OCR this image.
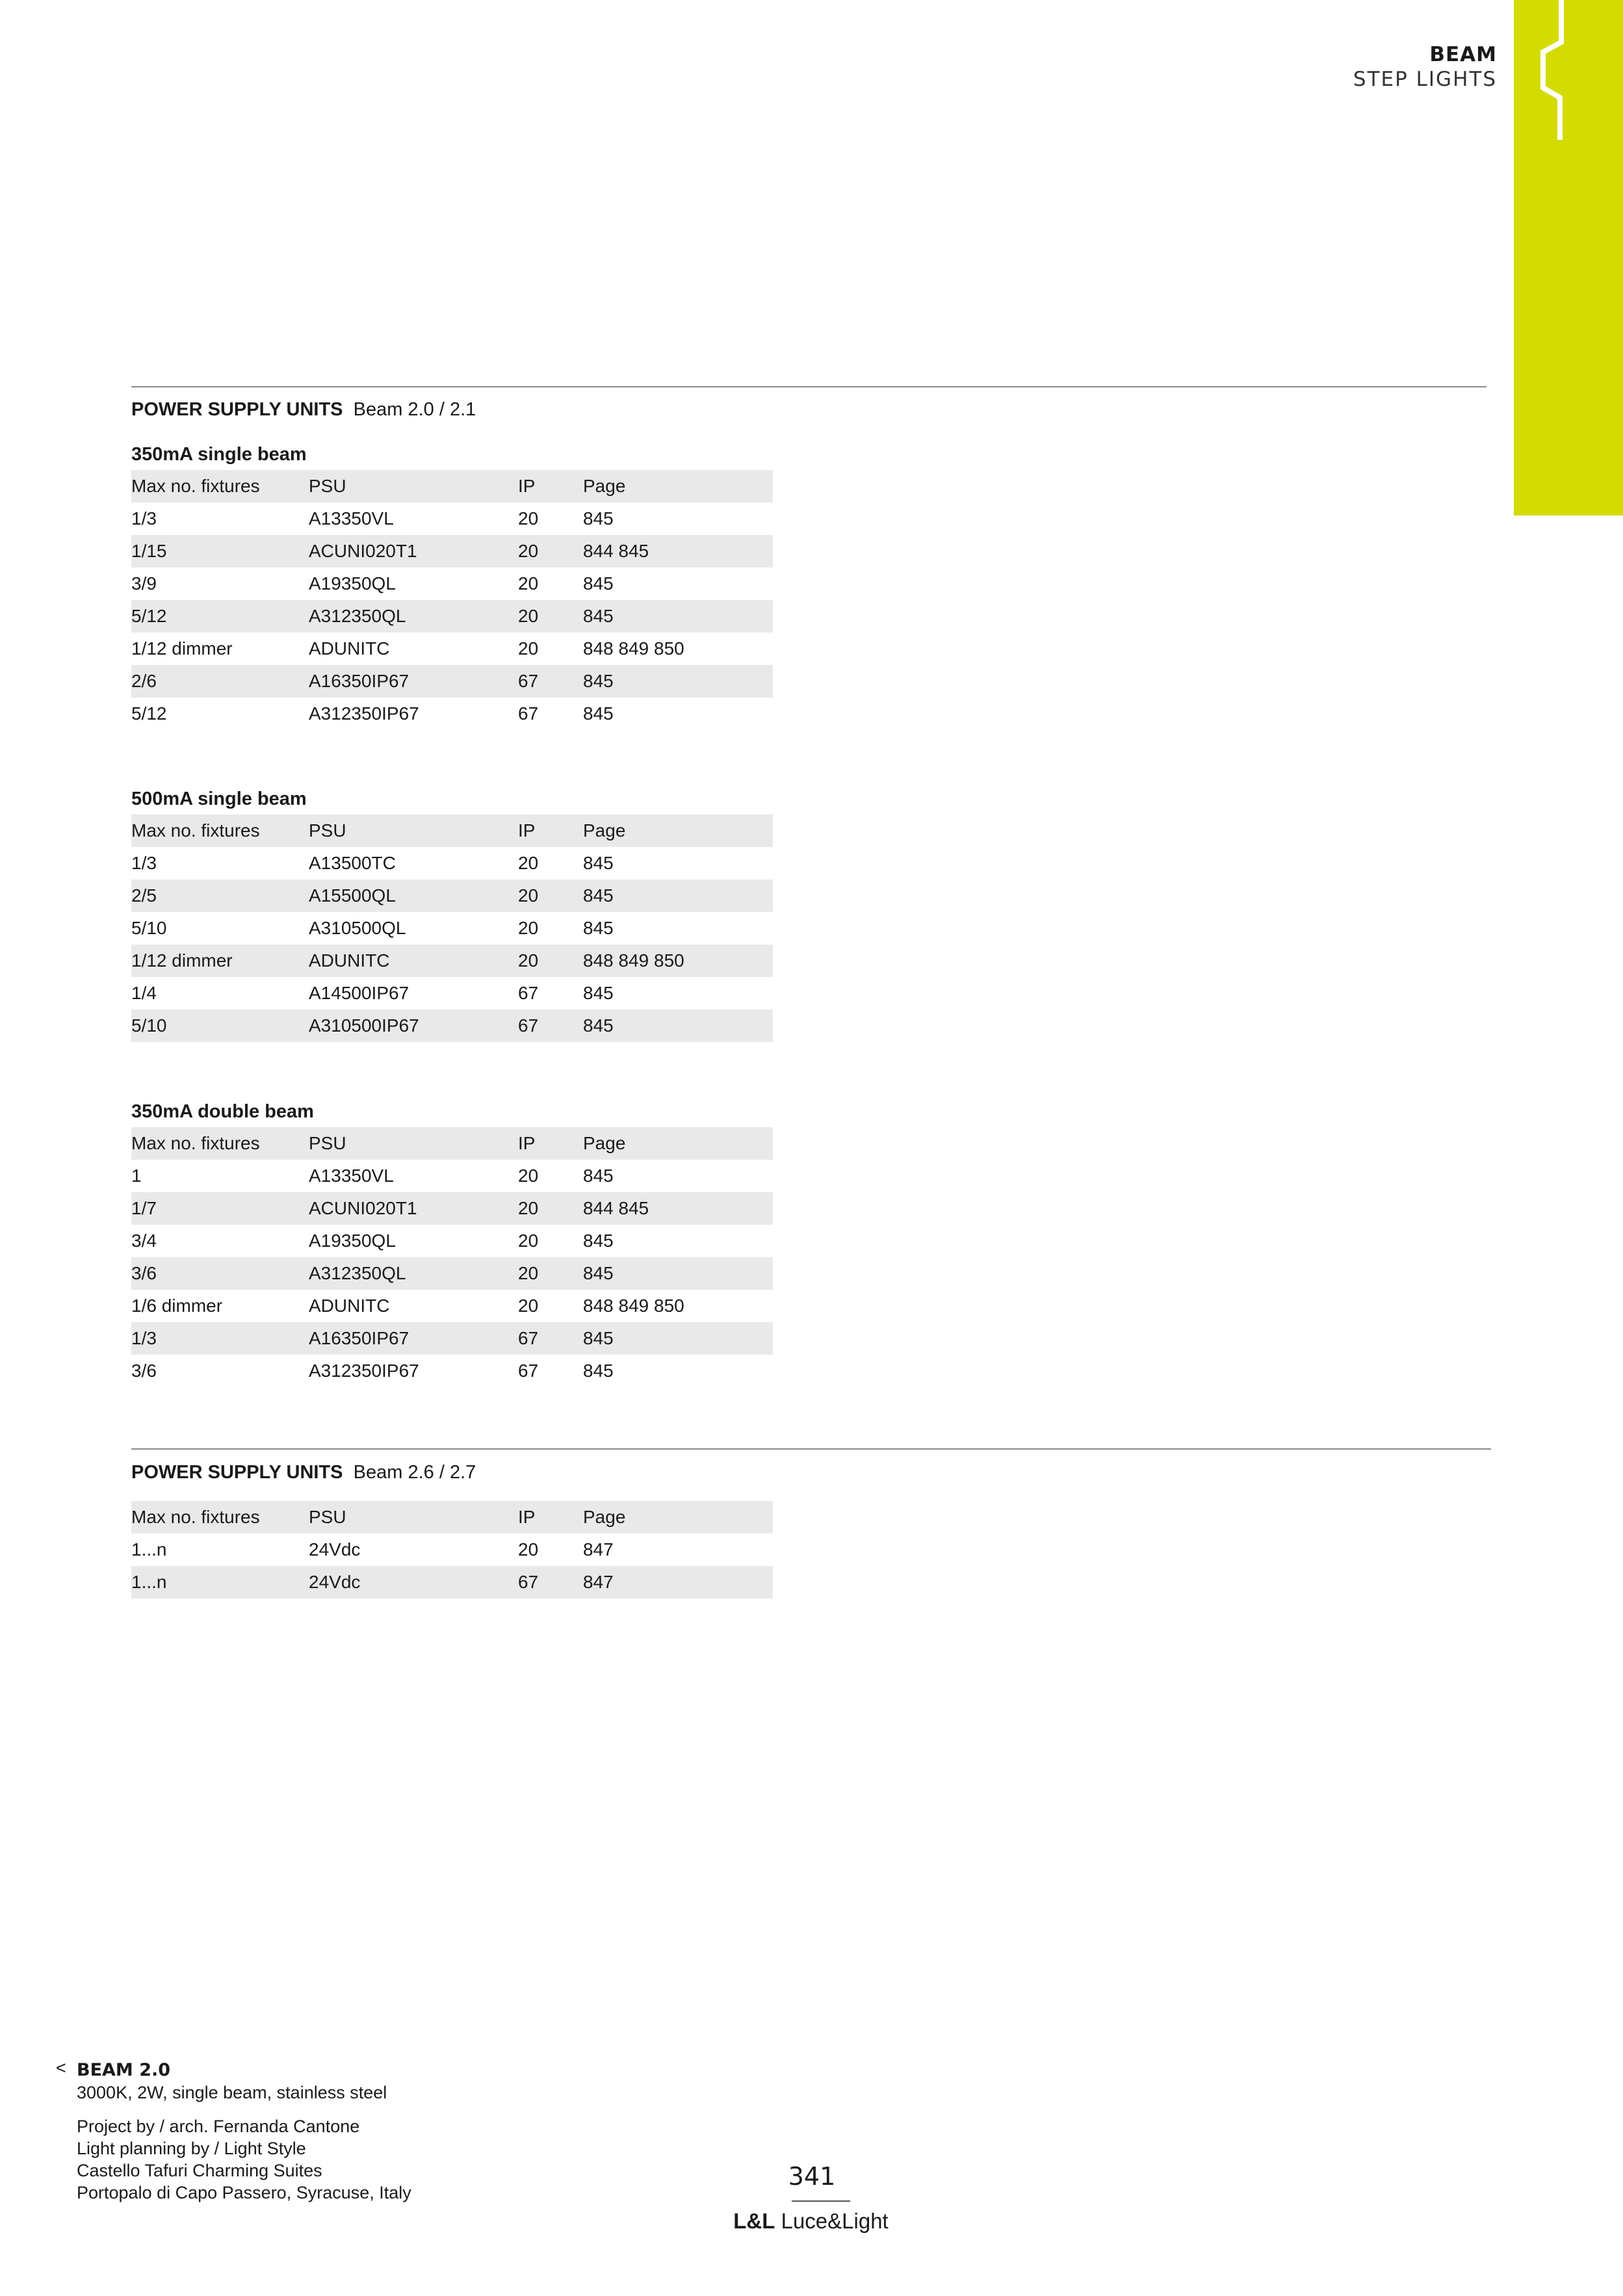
BEAM
STEP LIGHTS
POWER SUPPLY UNITS Beam 2.0 / 2.1
350mA single beam
Max no. fixtures	PSU	IP	Page
1/3	A13350VL	20	845
1/15	ACUNI020T1	20	844 845
3/9	A19350QL	20	845
5/12	A312350QL	20	845
1/12 dimmer	ADUNITC	20	848 849 850
2/6	A16350IP67	67	845
5/12	A312350IP67	67	845
500mA single beam
Max no. fixtures	PSU	IP	Page
1/3	A13500TC	20	845
2/5	A15500QL	20	845
5/10	A310500QL	20	845
1/12 dimmer	ADUNITC	20	848 849 850
1/4	A14500IP67	67	845
5/10	A310500IP67	67	845
350mA double beam
Max no. fixtures	PSU	IP	Page
1	A13350VL	20	845
1/7	ACUNI020T1	20	844 845
3/4	A19350QL	20	845
3/6	A312350QL	20	845
1/6 dimmer	ADUNITC	20	848 849 850
1/3	A16350IP67	67	845
3/6	A312350IP67	67	845
POWER SUPPLY UNITS Beam 2.6 / 2.7
Max no. fixtures	PSU	IP	Page
1...n	24Vdc	20	847
1...n	24Vdc	67	847
< BEAM 2.0
3000K, 2W, single beam, stainless steel
Project by / arch. Fernanda Cantone
Light planning by / Light Style
Castello Tafuri Charming Suites
Portopalo di Capo Passero, Syracuse, Italy
341
L&L Luce&Light
